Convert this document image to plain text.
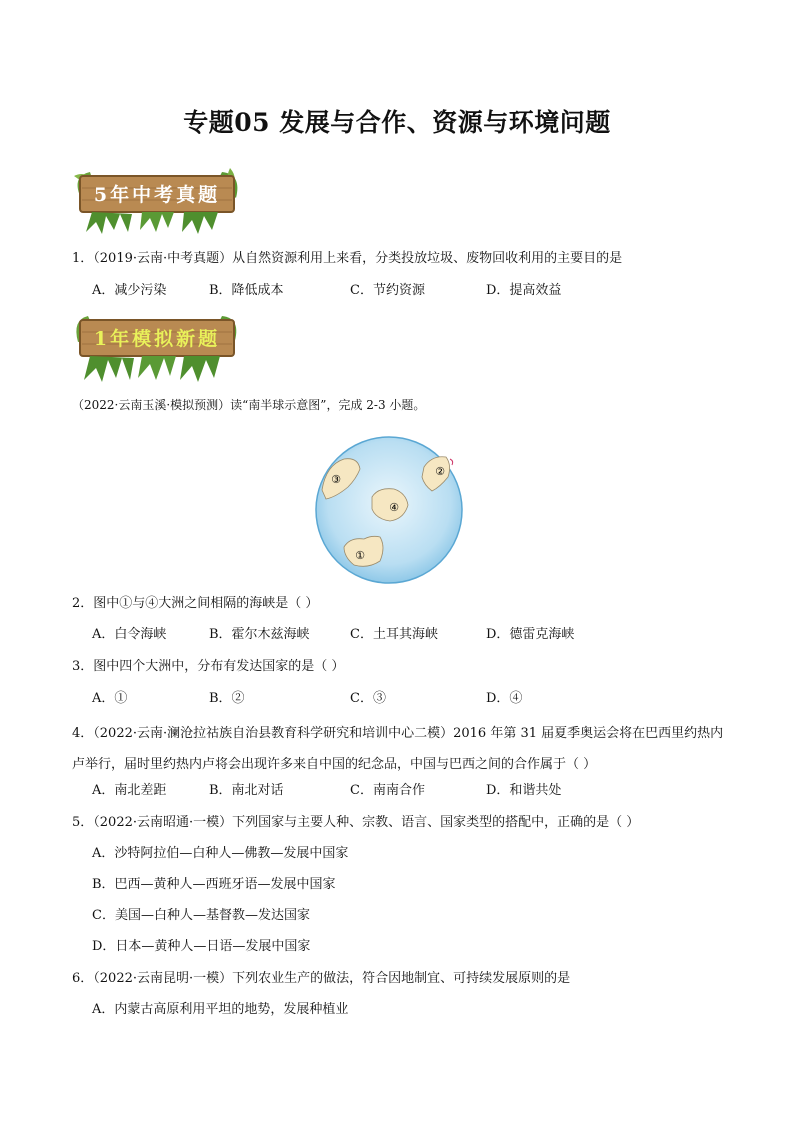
专题05 发展与合作、资源与环境问题
5年中考真题
1．（2019·云南·中考真题）从自然资源利用上来看，分类投放垃圾、废物回收利用的主要目的是
A．减少污染	B．降低成本	C．节约资源	D．提高效益
1年模拟新题
（2022·云南玉溪·模拟预测）读“南半球示意图”，完成 2-3 小题。
③
②
④
①
2．图中①与④大洲之间相隔的海峡是（ ）
A．白令海峡	B．霍尔木兹海峡	C．土耳其海峡	D．德雷克海峡
3．图中四个大洲中，分布有发达国家的是（ ）
A．①	B．②	C．③	D．④
4．（2022·云南·澜沧拉祜族自治县教育科学研究和培训中心二模）2016 年第 31 届夏季奥运会将在巴西里约热内卢举行，届时里约热内卢将会出现许多来自中国的纪念品，中国与巴西之间的合作属于（ ）
A．南北差距	B．南北对话	C．南南合作	D．和谐共处
5．（2022·云南昭通·一模）下列国家与主要人种、宗教、语言、国家类型的搭配中，正确的是（ ）
A．沙特阿拉伯—白种人—佛教—发展中国家
B．巴西—黄种人—西班牙语—发展中国家
C．美国—白种人—基督教—发达国家
D．日本—黄种人—日语—发展中国家
6．（2022·云南昆明·一模）下列农业生产的做法，符合因地制宜、可持续发展原则的是
A．内蒙古高原利用平坦的地势，发展种植业
